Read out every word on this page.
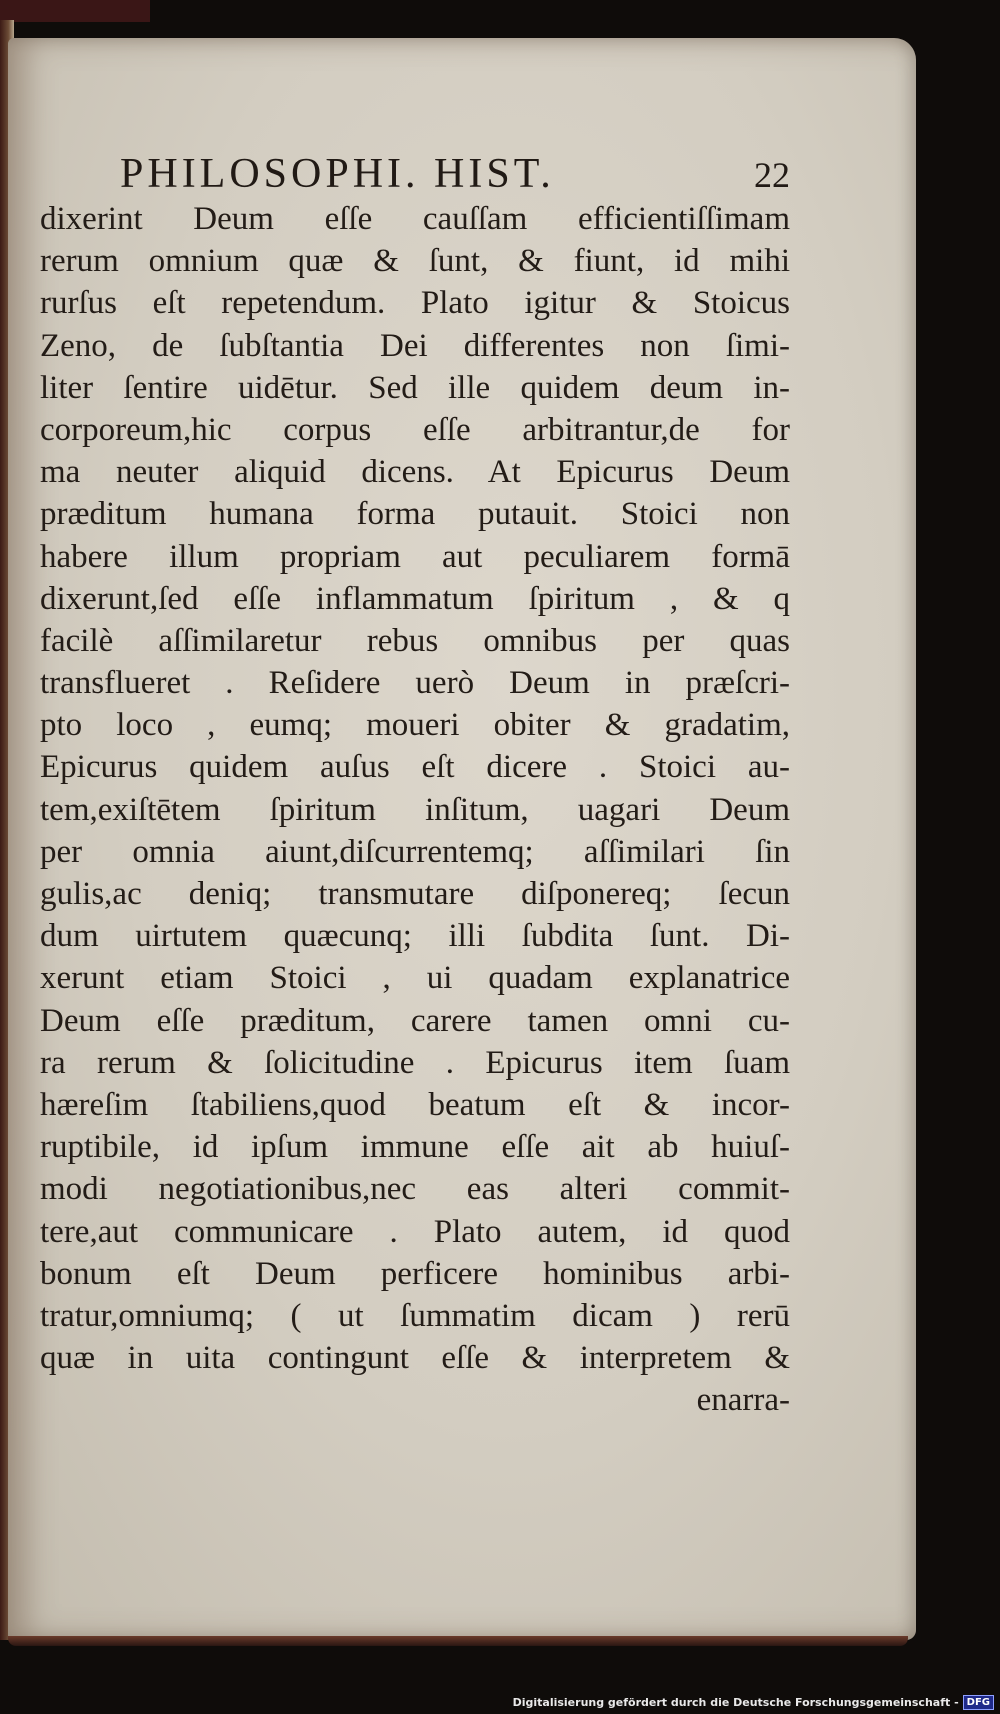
PHILOSOPHI. HIST.	22
dixerint Deum eſſe cauſſam efficientiſſimam
rerum omnium quæ & ſunt, & fiunt, id mihi
rurſus eſt repetendum. Plato igitur & Stoicus
Zeno, de ſubſtantia Dei differentes non ſimi-
liter ſentire uidētur. Sed ille quidem deum in-
corporeum,hic corpus eſſe arbitrantur,de for
ma neuter aliquid dicens. At Epicurus Deum
præditum humana forma putauit. Stoici non
habere illum propriam aut peculiarem formā
dixerunt,ſed eſſe inflammatum ſpiritum , & q
facilè aſſimilaretur rebus omnibus per quas
transflueret . Reſidere uerò Deum in præſcri-
pto loco , eumq; moueri obiter & gradatim,
Epicurus quidem auſus eſt dicere . Stoici au-
tem,exiſtētem ſpiritum inſitum, uagari Deum
per omnia aiunt,diſcurrentemq; aſſimilari ſin
gulis,ac deniq; transmutare diſponereq; ſecun
dum uirtutem quæcunq; illi ſubdita ſunt. Di-
xerunt etiam Stoici , ui quadam explanatrice
Deum eſſe præditum, carere tamen omni cu-
ra rerum & ſolicitudine . Epicurus item ſuam
hæreſim ſtabiliens,quod beatum eſt & incor-
ruptibile, id ipſum immune eſſe ait ab huiuſ-
modi negotiationibus,nec eas alteri commit-
tere,aut communicare . Plato autem, id quod
bonum eſt Deum perficere hominibus arbi-
tratur,omniumq; ( ut ſummatim dicam ) rerū
quæ in uita contingunt eſſe & interpretem &
enarra-
Digitalisierung gefördert durch die Deutsche Forschungsgemeinschaft - DFG
